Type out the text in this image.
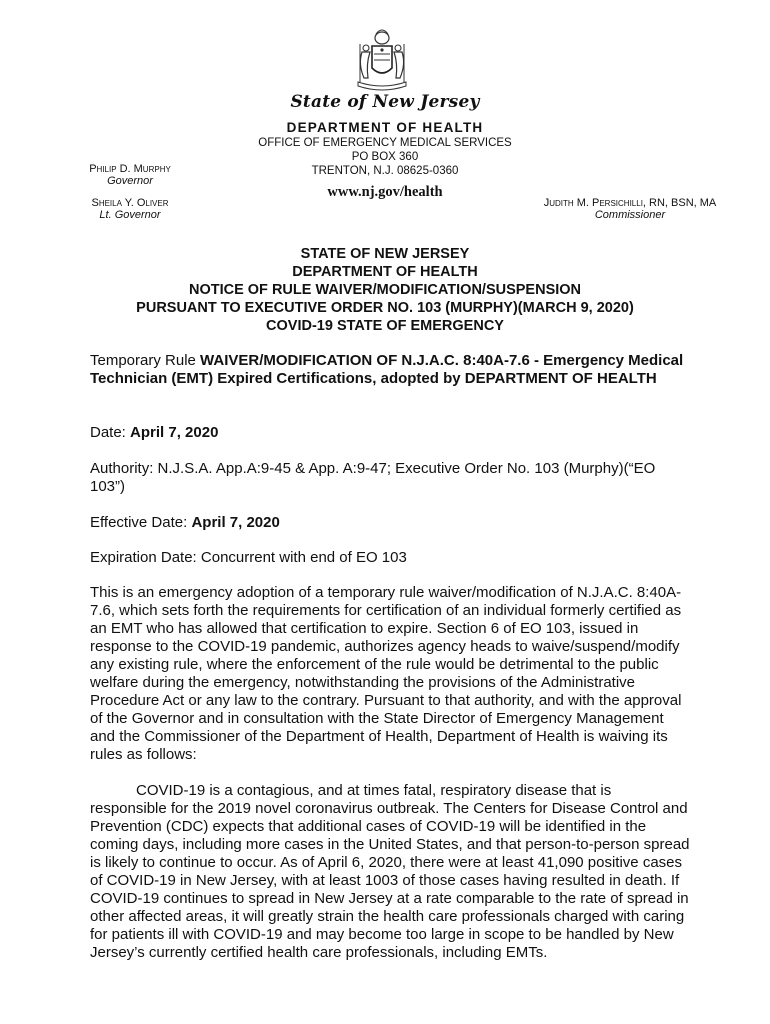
State of New Jersey
DEPARTMENT OF HEALTH
OFFICE OF EMERGENCY MEDICAL SERVICES
PO BOX 360
TRENTON, N.J. 08625-0360
www.nj.gov/health
Philip D. Murphy
Governor
Sheila Y. Oliver
Lt. Governor
Judith M. Persichilli, RN, BSN, MA
Commissioner
STATE OF NEW JERSEY
DEPARTMENT OF HEALTH
NOTICE OF RULE WAIVER/MODIFICATION/SUSPENSION
PURSUANT TO EXECUTIVE ORDER NO. 103 (MURPHY)(MARCH 9, 2020)
COVID-19 STATE OF EMERGENCY

Temporary Rule WAIVER/MODIFICATION OF N.J.A.C. 8:40A-7.6 - Emergency Medical Technician (EMT) Expired Certifications, adopted by DEPARTMENT OF HEALTH

Date: April 7, 2020
Authority: N.J.S.A. App.A:9-45 & App. A:9-47; Executive Order No. 103 (Murphy)(“EO 103”)
Effective Date: April 7, 2020
Expiration Date: Concurrent with end of EO 103
This is an emergency adoption of a temporary rule waiver/modification of N.J.A.C. 8:40A-7.6, which sets forth the requirements for certification of an individual formerly certified as an EMT who has allowed that certification to expire. Section 6 of EO 103, issued in response to the COVID-19 pandemic, authorizes agency heads to waive/suspend/modify any existing rule, where the enforcement of the rule would be detrimental to the public welfare during the emergency, notwithstanding the provisions of the Administrative Procedure Act or any law to the contrary. Pursuant to that authority, and with the approval of the Governor and in consultation with the State Director of Emergency Management and the Commissioner of the Department of Health, Department of Health is waiving its rules as follows:
COVID-19 is a contagious, and at times fatal, respiratory disease that is responsible for the 2019 novel coronavirus outbreak. The Centers for Disease Control and Prevention (CDC) expects that additional cases of COVID-19 will be identified in the coming days, including more cases in the United States, and that person-to-person spread is likely to continue to occur. As of April 6, 2020, there were at least 41,090 positive cases of COVID-19 in New Jersey, with at least 1003 of those cases having resulted in death. If COVID-19 continues to spread in New Jersey at a rate comparable to the rate of spread in other affected areas, it will greatly strain the health care professionals charged with caring for patients ill with COVID-19 and may become too large in scope to be handled by New Jersey’s currently certified health care professionals, including EMTs.
